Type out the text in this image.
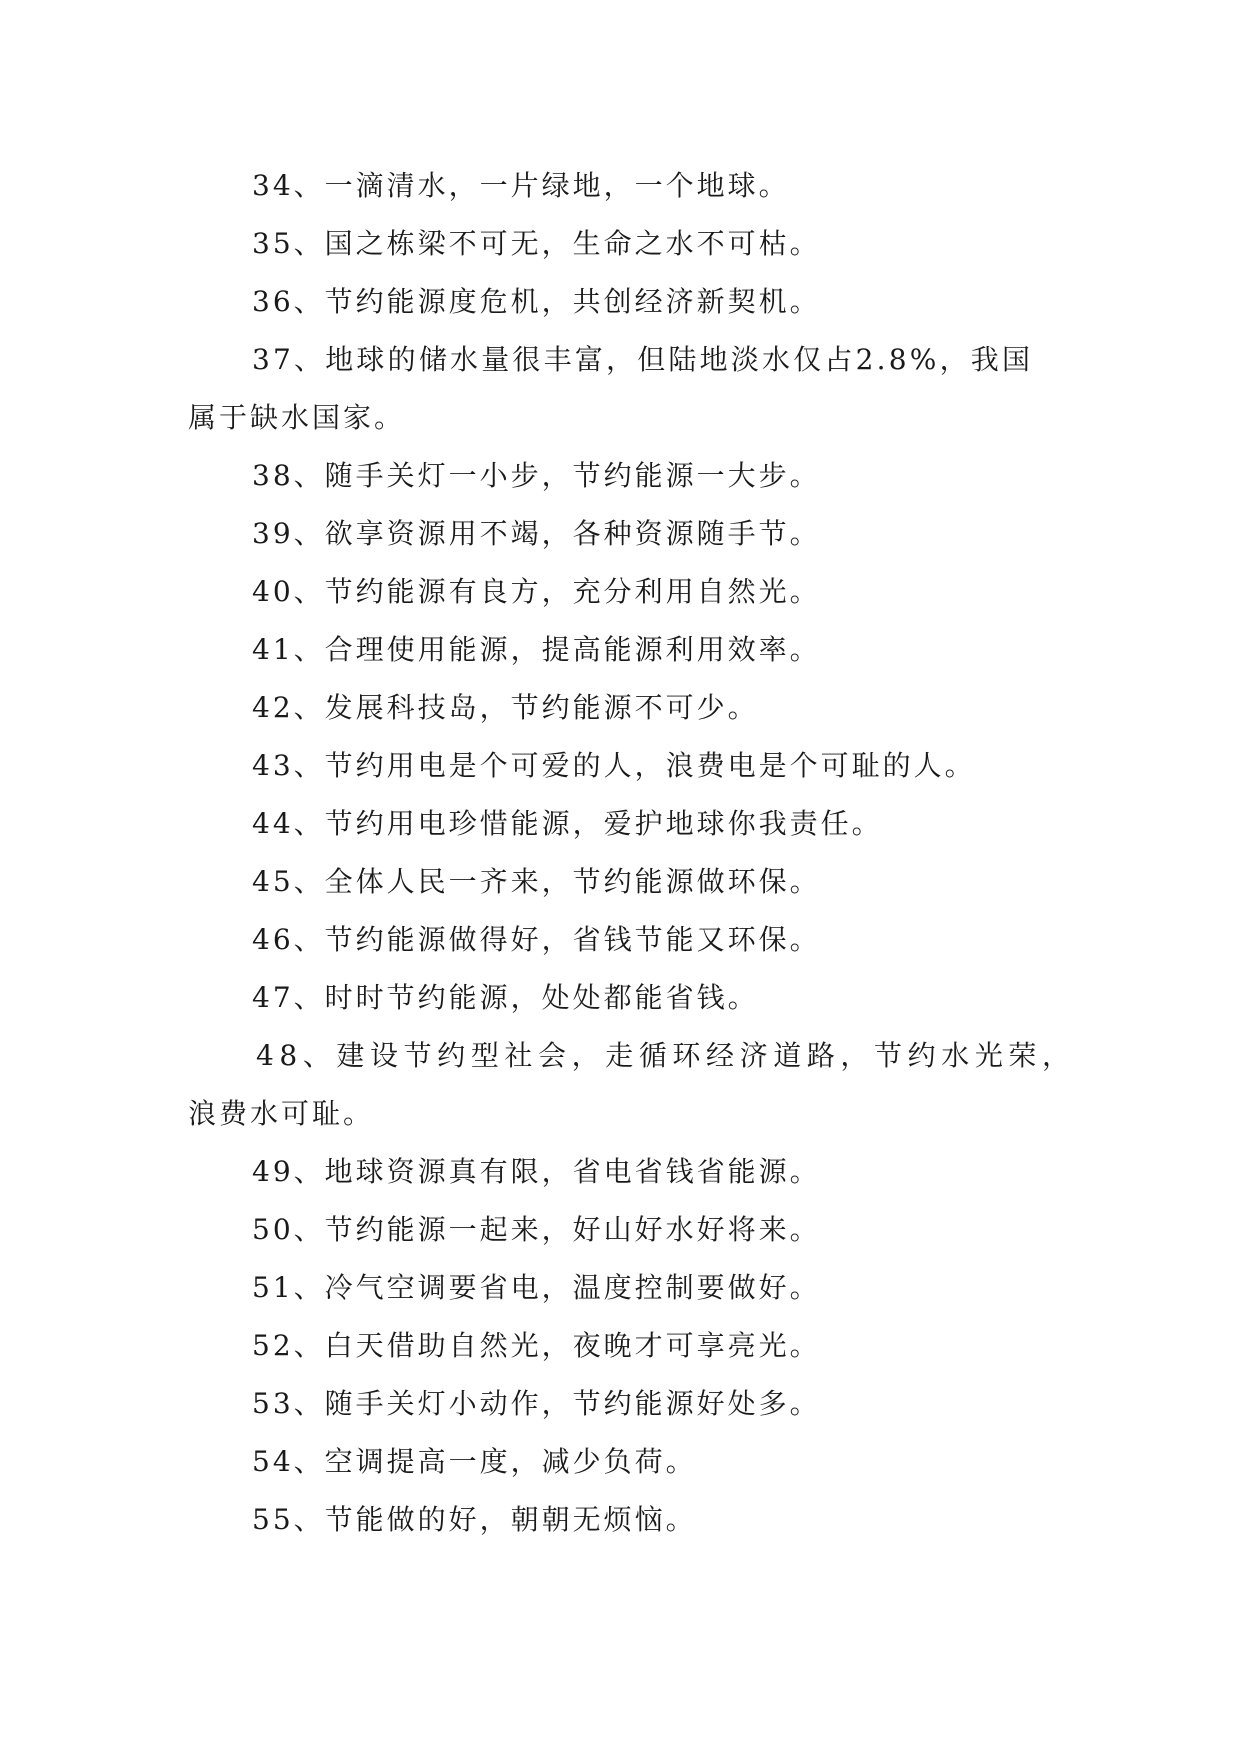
34、一滴清水，一片绿地，一个地球。
35、国之栋梁不可无，生命之水不可枯。
36、节约能源度危机，共创经济新契机。
37、地球的储水量很丰富，但陆地淡水仅占2.8%，我国
属于缺水国家。
38、随手关灯一小步，节约能源一大步。
39、欲享资源用不竭，各种资源随手节。
40、节约能源有良方，充分利用自然光。
41、合理使用能源，提高能源利用效率。
42、发展科技岛，节约能源不可少。
43、节约用电是个可爱的人，浪费电是个可耻的人。
44、节约用电珍惜能源，爱护地球你我责任。
45、全体人民一齐来，节约能源做环保。
46、节约能源做得好，省钱节能又环保。
47、时时节约能源，处处都能省钱。
48、建设节约型社会，走循环经济道路，节约水光荣，
浪费水可耻。
49、地球资源真有限，省电省钱省能源。
50、节约能源一起来，好山好水好将来。
51、冷气空调要省电，温度控制要做好。
52、白天借助自然光，夜晚才可享亮光。
53、随手关灯小动作，节约能源好处多。
54、空调提高一度，减少负荷。
55、节能做的好，朝朝无烦恼。
